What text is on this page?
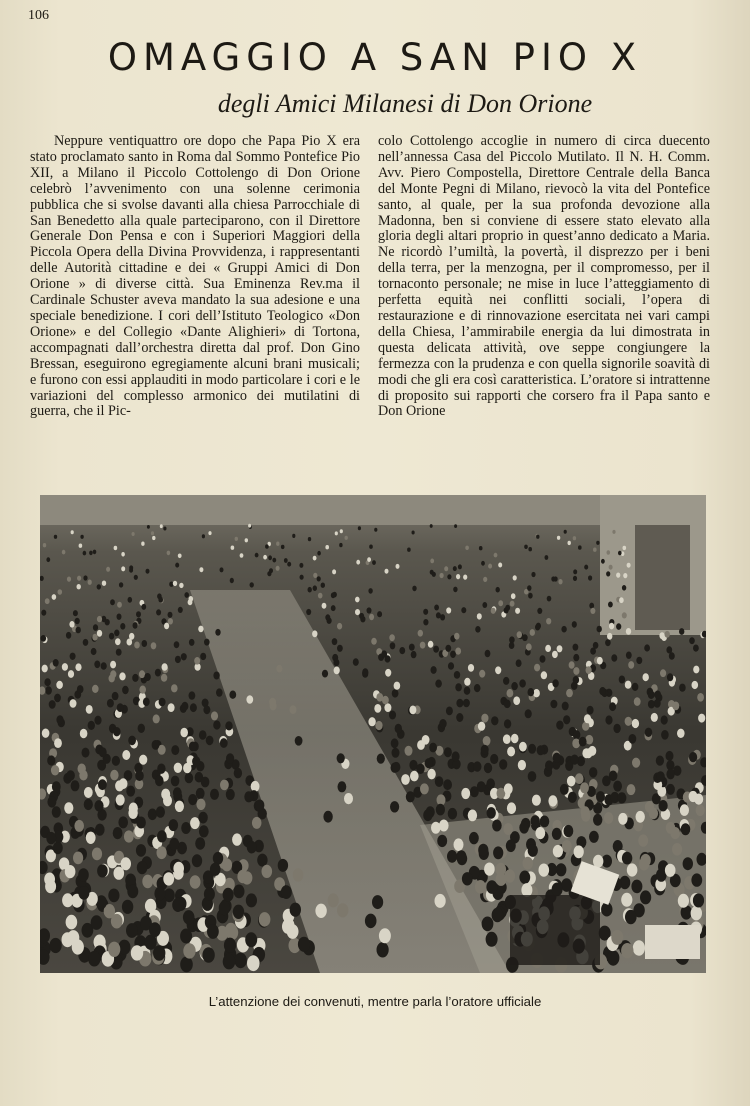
106
OMAGGIO A SAN PIO X
degli Amici Milanesi di Don Orione

Neppure ventiquattro ore dopo che Papa Pio X era stato proclamato santo in Roma dal Sommo Pontefice Pio XII, a Milano il Piccolo Cottolengo di Don Orione celebrò l’avvenimento con una solenne cerimonia pubblica che si svolse davanti alla chiesa Parrocchiale di San Benedetto alla quale parteciparono, con il Direttore Generale Don Pensa e con i Superiori Maggiori della Piccola Opera della Divina Provvidenza, i rappresentanti delle Autorità cittadine e dei « Gruppi Amici di Don Orione » di diverse città. Sua Eminenza Rev.ma il Cardinale Schuster aveva mandato la sua adesione e una speciale benedizione. I cori dell’Istituto Teologico «Don Orione» e del Collegio «Dante Alighieri» di Tortona, accompagnati dall’orchestra diretta dal prof. Don Gino Bressan, eseguirono egregiamente alcuni brani musicali; e furono con essi applauditi in modo particolare i cori e le variazioni del complesso armonico dei mutilatini di guerra, che il Pic-

colo Cottolengo accoglie in numero di circa duecento nell’annessa Casa del Piccolo Mutilato. Il N. H. Comm. Avv. Piero Compostella, Direttore Centrale della Banca del Monte Pegni di Milano, rievocò la vita del Pontefice santo, al quale, per la sua profonda devozione alla Madonna, ben si conviene di essere stato elevato alla gloria degli altari proprio in quest’anno dedicato a Maria. Ne ricordò l’umiltà, la povertà, il disprezzo per i beni della terra, per la menzogna, per il compromesso, per il tornaconto personale; ne mise in luce l’atteggiamento di perfetta equità nei conflitti sociali, l’opera di restaurazione e di rinnovazione esercitata nei vari campi della Chiesa, l’ammirabile energia da lui dimostrata in questa delicata attività, ove seppe congiungere la fermezza con la prudenza e con quella signorile soavità di modi che gli era così caratteristica. L’oratore si intrattenne di proposito sui rapporti che corsero fra il Papa santo e Don Orione

L’attenzione dei convenuti, mentre parla l’oratore ufficiale
